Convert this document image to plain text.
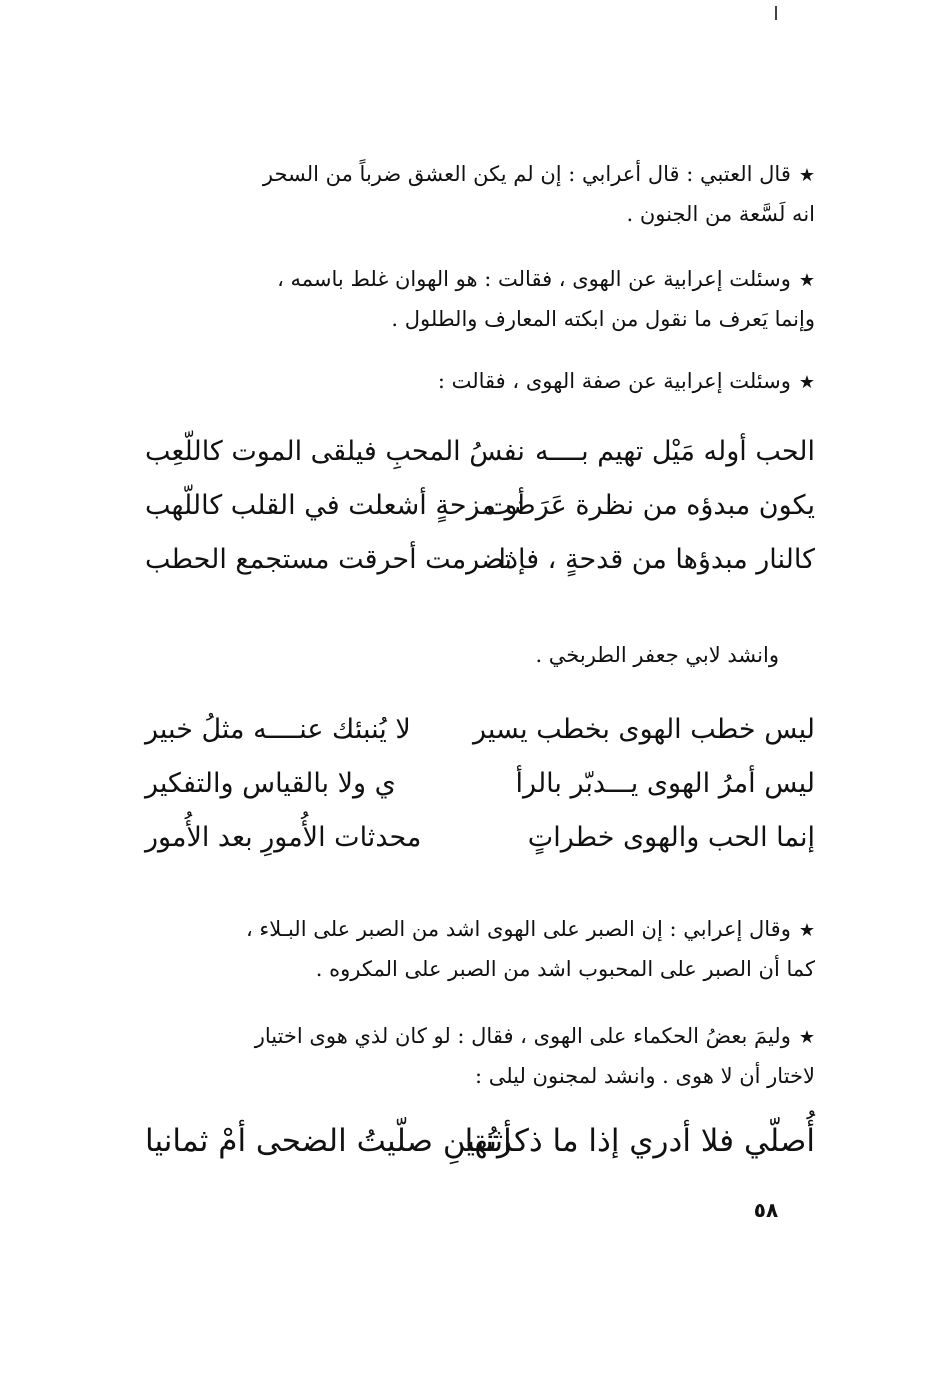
★قال العتبي : قال أعرابي : إن لم يكن العشق ضرباً من السحر
انه لَسَّعة من الجنون .
★وسئلت إعرابية عن الهوى ، فقالت : هو الهوان غلط باسمه ،
وإنما يَعرف ما نقول من ابكته المعارف والطلول .
★وسئلت إعرابية عن صفة الهوى ، فقالت :
الحب أوله مَيْل تهيم بــــه
نفسُ المحبِ فيلقى الموت كاللّعِب
يكون مبدؤه من نظرة عَرَضت
أو مزحةٍ أشعلت في القلب كاللّهب
كالنار مبدؤها من قدحةٍ ، فإذا
تضرمت أحرقت مستجمع الحطب
وانشد لابي جعفر الطربخي .
ليس خطب الهوى بخطب يسير
لا يُنبئك عنــــه مثلُ خبير
ليس أمرُ الهوى يـــدبّر بالرأ
ي ولا بالقياس والتفكير
إنما الحب والهوى خطراتٍ
محدثات الأُمورِ بعد الأُمور
★وقال إعرابي : إن الصبر على الهوى اشد من الصبر على البـلاء ،
كما أن الصبر على المحبوب اشد من الصبر على المكروه .
★وليمَ بعضُ الحكماء على الهوى ، فقال : لو كان لذي هوى اختيار
لاختار أن لا هوى . وانشد لمجنون ليلى :
أُصلّي فلا أدري إذا ما ذكرتُها
أثنتينِ صلّيتُ الضحى أمْ ثمانيا
٥٨
